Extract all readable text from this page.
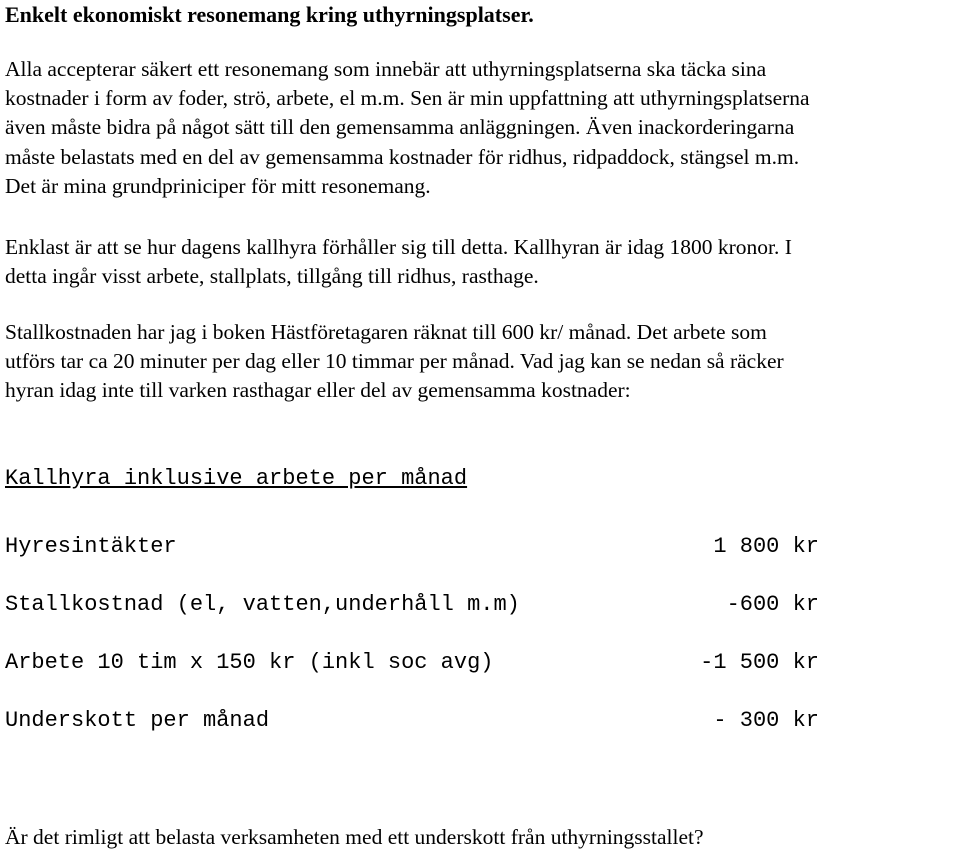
Enkelt ekonomiskt resonemang kring uthyrningsplatser.
Alla accepterar säkert ett resonemang som innebär att uthyrningsplatserna ska täcka sina
kostnader i form av foder, strö, arbete, el m.m. Sen är min uppfattning att uthyrningsplatserna
även måste bidra på något sätt till den gemensamma anläggningen. Även inackorderingarna
måste belastats med en del av gemensamma kostnader för ridhus, ridpaddock, stängsel m.m.
Det är mina grundpriniciper för mitt resonemang.
Enklast är att se hur dagens kallhyra förhåller sig till detta. Kallhyran är idag 1800 kronor. I
detta ingår visst arbete, stallplats, tillgång till ridhus, rasthage.
Stallkostnaden har jag i boken Hästföretagaren räknat till 600 kr/ månad. Det arbete som
utförs tar ca 20 minuter per dag eller 10 timmar per månad. Vad jag kan se nedan så räcker
hyran idag inte till varken rasthagar eller del av gemensamma kostnader:
Kallhyra inklusive arbete per månad

Hyresintäkter

	1 800 kr

Stallkostnad (el, vatten,underhåll m.m)

	-600 kr

Arbete 10 tim x 150 kr (inkl soc avg)

	-1 500 kr

Underskott per månad

	- 300 kr

Är det rimligt att belasta verksamheten med ett underskott från uthyrningsstallet?
